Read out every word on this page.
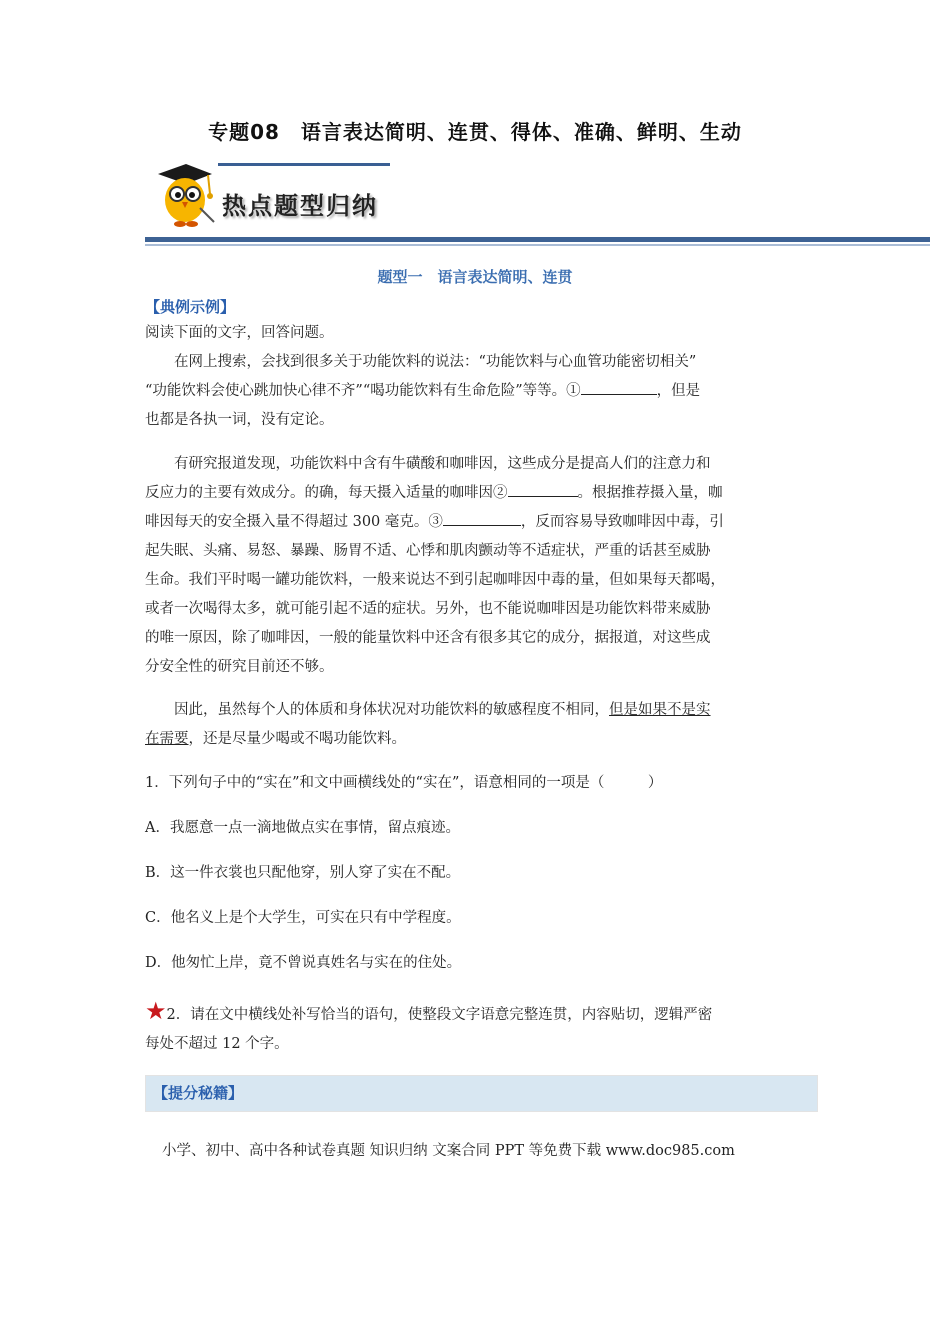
专题08　语言表达简明、连贯、得体、准确、鲜明、生动
热点题型归纳
题型一　语言表达简明、连贯
【典例示例】
阅读下面的文字，回答问题。
在网上搜索，会找到很多关于功能饮料的说法：“功能饮料与心血管功能密切相关”
“功能饮料会使心跳加快心律不齐”“喝功能饮料有生命危险”等等。①	，但是
也都是各执一词，没有定论。
有研究报道发现，功能饮料中含有牛磺酸和咖啡因，这些成分是提高人们的注意力和
反应力的主要有效成分。的确，每天摄入适量的咖啡因②	。根据推荐摄入量，咖
啡因每天的安全摄入量不得超过 300 毫克。③	，反而容易导致咖啡因中毒，引
起失眠、头痛、易怒、暴躁、肠胃不适、心悸和肌肉颤动等不适症状，严重的话甚至威胁
生命。我们平时喝一罐功能饮料，一般来说达不到引起咖啡因中毒的量，但如果每天都喝，
或者一次喝得太多，就可能引起不适的症状。另外，也不能说咖啡因是功能饮料带来威胁
的唯一原因，除了咖啡因，一般的能量饮料中还含有很多其它的成分，据报道，对这些成
分安全性的研究目前还不够。
因此，虽然每个人的体质和身体状况对功能饮料的敏感程度不相同，但是如果不是实
在需要，还是尽量少喝或不喝功能饮料。
1．下列句子中的“实在”和文中画横线处的“实在”，语意相同的一项是（　　　）
A．我愿意一点一滴地做点实在事情，留点痕迹。
B．这一件衣裳也只配他穿，别人穿了实在不配。
C．他名义上是个大学生，可实在只有中学程度。
D．他匆忙上岸，竟不曾说真姓名与实在的住处。
★2．请在文中横线处补写恰当的语句，使整段文字语意完整连贯，内容贴切，逻辑严密
每处不超过 12 个字。
【提分秘籍】
小学、初中、高中各种试卷真题 知识归纳 文案合同 PPT 等免费下载 www.doc985.com
